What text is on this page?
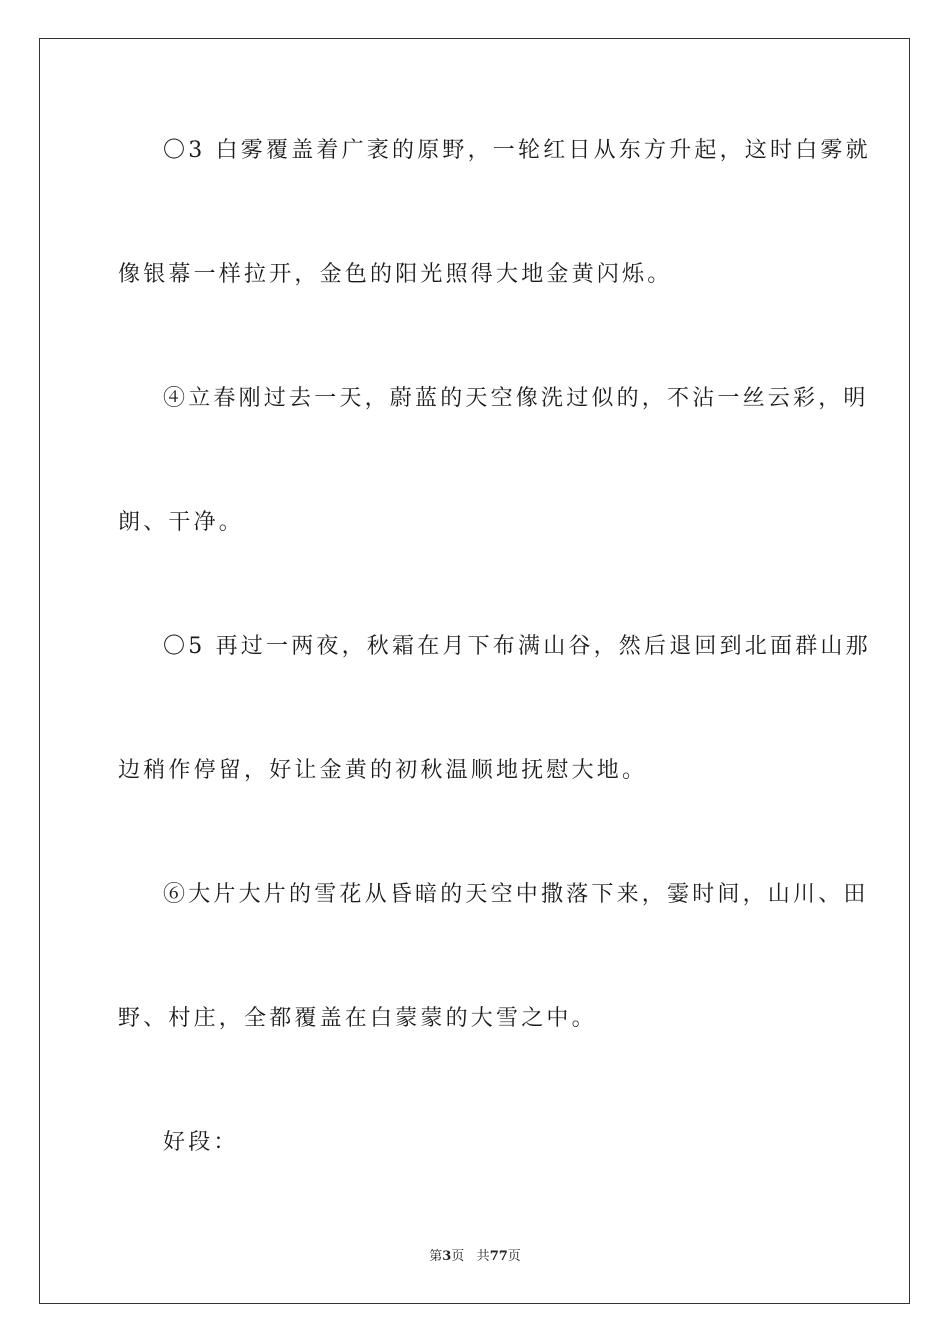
〇3 白雾覆盖着广袤的原野，一轮红日从东方升起，这时白雾就
像银幕一样拉开，金色的阳光照得大地金黄闪烁。
④立春刚过去一天，蔚蓝的天空像洗过似的，不沾一丝云彩，明
朗、干净。
〇5 再过一两夜，秋霜在月下布满山谷，然后退回到北面群山那
边稍作停留，好让金黄的初秋温顺地抚慰大地。
⑥大片大片的雪花从昏暗的天空中撒落下来，霎时间，山川、田
野、村庄，全都覆盖在白蒙蒙的大雪之中。
好段：
第3页 共77页
